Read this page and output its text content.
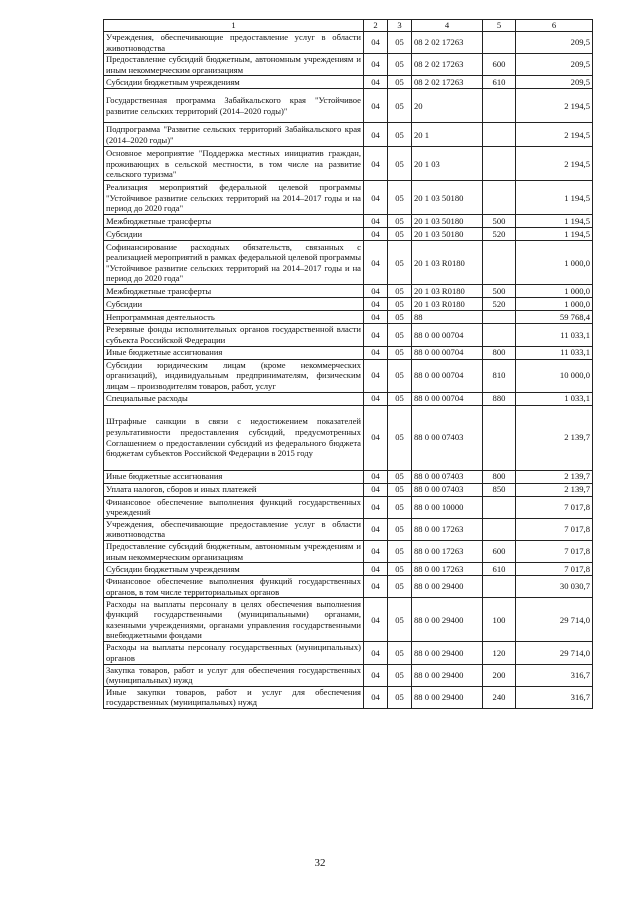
1	2	3	4	5	6
Учреждения, обеспечивающие предоставление услуг в области животноводства	04	05	08 2 02 17263		209,5
Предоставление субсидий бюджетным, автономным учреждениям и иным некоммерческим организациям	04	05	08 2 02 17263	600	209,5
Субсидии бюджетным учреждениям	04	05	08 2 02 17263	610	209,5
Государственная программа Забайкальского края "Устойчивое развитие сельских территорий (2014–2020 годы)"	04	05	20		2 194,5
Подпрограмма "Развитие сельских территорий Забайкальского края (2014–2020 годы)"	04	05	20 1		2 194,5
Основное мероприятие "Поддержка местных инициатив граждан, проживающих в сельской местности, в том числе на развитие сельского туризма"	04	05	20 1 03		2 194,5
Реализация мероприятий федеральной целевой программы "Устойчивое развитие сельских территорий на 2014–2017 годы и на период до 2020 года"	04	05	20 1 03 50180		1 194,5
Межбюджетные трансферты	04	05	20 1 03 50180	500	1 194,5
Субсидии	04	05	20 1 03 50180	520	1 194,5
Софинансирование расходных обязательств, связанных с реализацией мероприятий в рамках федеральной целевой программы "Устойчивое развитие сельских территорий на 2014–2017 годы и на период до 2020 года"	04	05	20 1 03 R0180		1 000,0
Межбюджетные трансферты	04	05	20 1 03 R0180	500	1 000,0
Субсидии	04	05	20 1 03 R0180	520	1 000,0
Непрограммная деятельность	04	05	88		59 768,4
Резервные фонды исполнительных органов государственной власти субъекта Российской Федерации	04	05	88 0 00 00704		11 033,1
Иные бюджетные ассигнования	04	05	88 0 00 00704	800	11 033,1
Субсидии юридическим лицам (кроме некоммерческих организаций), индивидуальным предпринимателям, физическим лицам – производителям товаров, работ, услуг	04	05	88 0 00 00704	810	10 000,0
Специальные расходы	04	05	88 0 00 00704	880	1 033,1
Штрафные санкции в связи с недостижением показателей результативности предоставления субсидий, предусмотренных Соглашением о предоставлении субсидий из федерального бюджета бюджетам субъектов Российской Федерации в 2015 году	04	05	88 0 00 07403		2 139,7
Иные бюджетные ассигнования	04	05	88 0 00 07403	800	2 139,7
Уплата налогов, сборов и иных платежей	04	05	88 0 00 07403	850	2 139,7
Финансовое обеспечение выполнения функций государственных учреждений	04	05	88 0 00 10000		7 017,8
Учреждения, обеспечивающие предоставление услуг в области животноводства	04	05	88 0 00 17263		7 017,8
Предоставление субсидий бюджетным, автономным учреждениям и иным некоммерческим организациям	04	05	88 0 00 17263	600	7 017,8
Субсидии бюджетным учреждениям	04	05	88 0 00 17263	610	7 017,8
Финансовое обеспечение выполнения функций государственных органов, в том числе территориальных органов	04	05	88 0 00 29400		30 030,7
Расходы на выплаты персоналу в целях обеспечения выполнения функций государственными (муниципальными) органами, казенными учреждениями, органами управления государственными внебюджетными фондами	04	05	88 0 00 29400	100	29 714,0
Расходы на выплаты персоналу государственных (муниципальных) органов	04	05	88 0 00 29400	120	29 714,0
Закупка товаров, работ и услуг для обеспечения государственных (муниципальных) нужд	04	05	88 0 00 29400	200	316,7
Иные закупки товаров, работ и услуг для обеспечения государственных (муниципальных) нужд	04	05	88 0 00 29400	240	316,7
32
